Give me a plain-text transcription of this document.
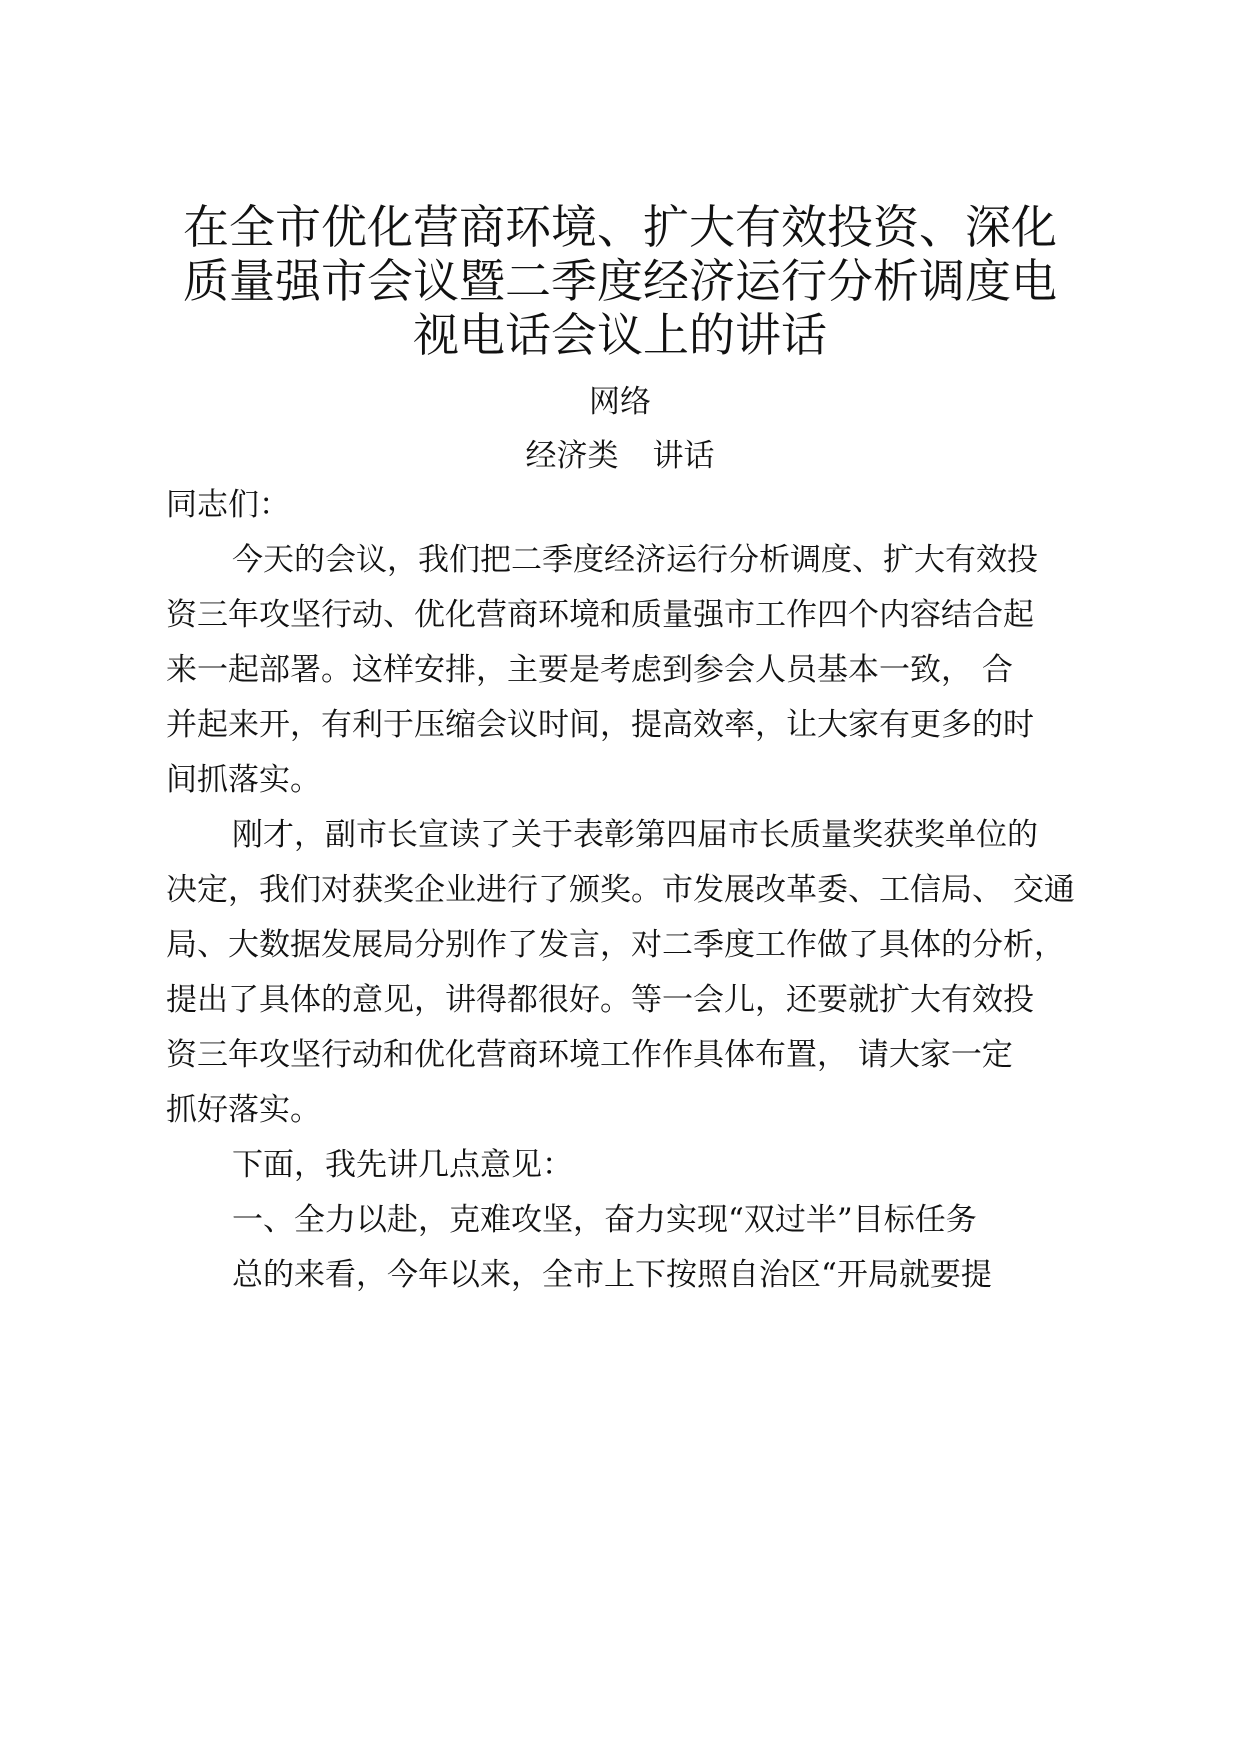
在全市优化营商环境、扩大有效投资、深化
质量强市会议暨二季度经济运行分析调度电
视电话会议上的讲话
网络
经济类 讲话

同志们：

今天的会议，我们把二季度经济运行分析调度、扩大有效投
资三年攻坚行动、优化营商环境和质量强市工作四个内容结合起
来一起部署。这样安排，主要是考虑到参会人员基本一致， 合
并起来开，有利于压缩会议时间，提高效率，让大家有更多的时
间抓落实。

刚才，副市长宣读了关于表彰第四届市长质量奖获奖单位的
决定，我们对获奖企业进行了颁奖。市发展改革委、工信局、 交通
局、大数据发展局分别作了发言，对二季度工作做了具体的分析，
提出了具体的意见，讲得都很好。等一会儿，还要就扩大有效投
资三年攻坚行动和优化营商环境工作作具体布置， 请大家一定
抓好落实。

下面，我先讲几点意见：

一、全力以赴，克难攻坚，奋力实现“双过半”目标任务

总的来看，今年以来，全市上下按照自治区“开局就要提
